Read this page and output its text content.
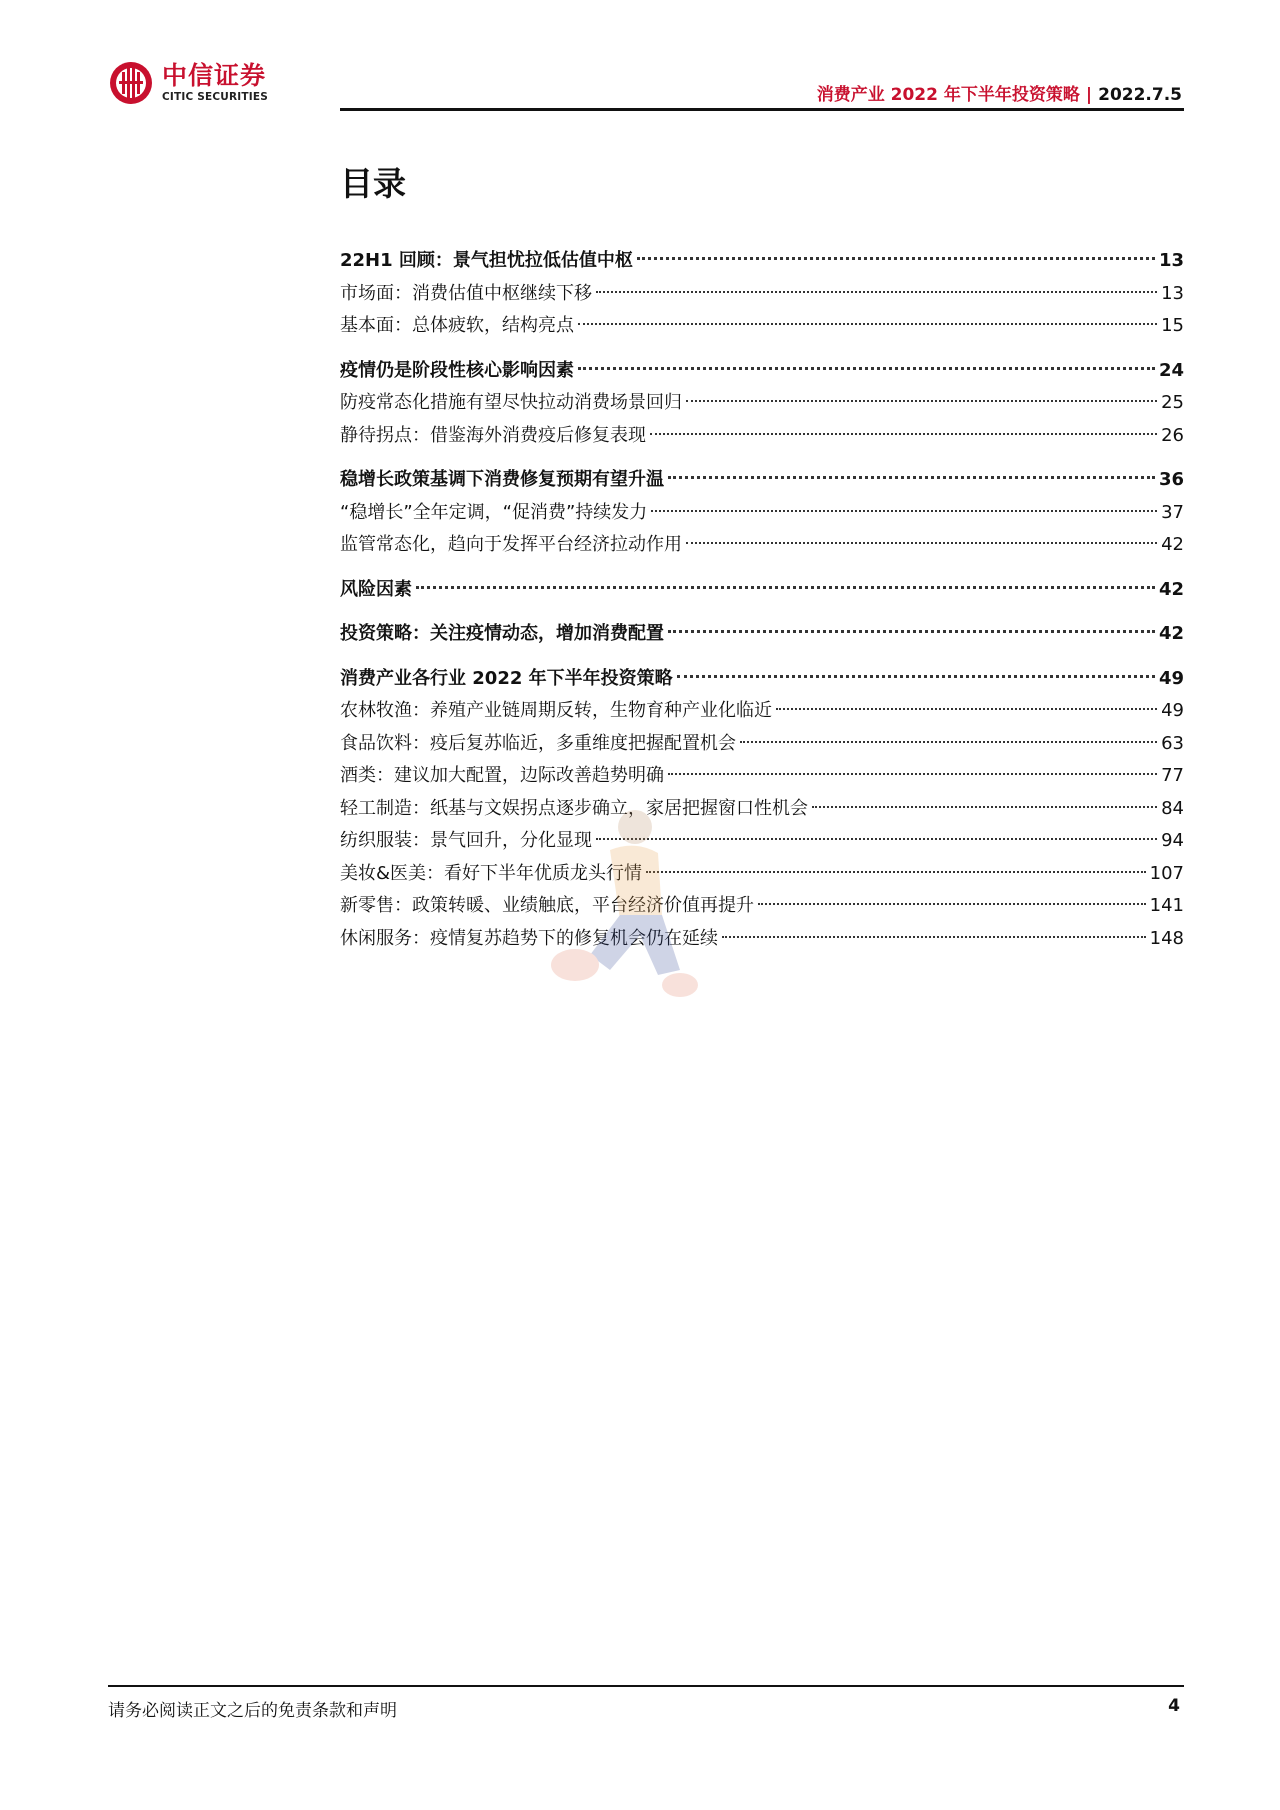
中信证券
CITIC SECURITIES	消费产业 2022 年下半年投资策略 | 2022.7.5
目录
22H1 回顾：景气担忧拉低估值中枢	13
市场面：消费估值中枢继续下移	13
基本面：总体疲软，结构亮点	15
疫情仍是阶段性核心影响因素	24
防疫常态化措施有望尽快拉动消费场景回归	25
静待拐点：借鉴海外消费疫后修复表现	26
稳增长政策基调下消费修复预期有望升温	36
“稳增长”全年定调，“促消费”持续发力	37
监管常态化，趋向于发挥平台经济拉动作用	42
风险因素	42
投资策略：关注疫情动态，增加消费配置	42
消费产业各行业 2022 年下半年投资策略	49
农林牧渔：养殖产业链周期反转，生物育种产业化临近	49
食品饮料：疫后复苏临近，多重维度把握配置机会	63
酒类：建议加大配置，边际改善趋势明确	77
轻工制造：纸基与文娱拐点逐步确立，家居把握窗口性机会	84
纺织服装：景气回升，分化显现	94
美妆&医美：看好下半年优质龙头行情	107
新零售：政策转暖、业绩触底，平台经济价值再提升	141
休闲服务：疫情复苏趋势下的修复机会仍在延续	148
请务必阅读正文之后的免责条款和声明	4
